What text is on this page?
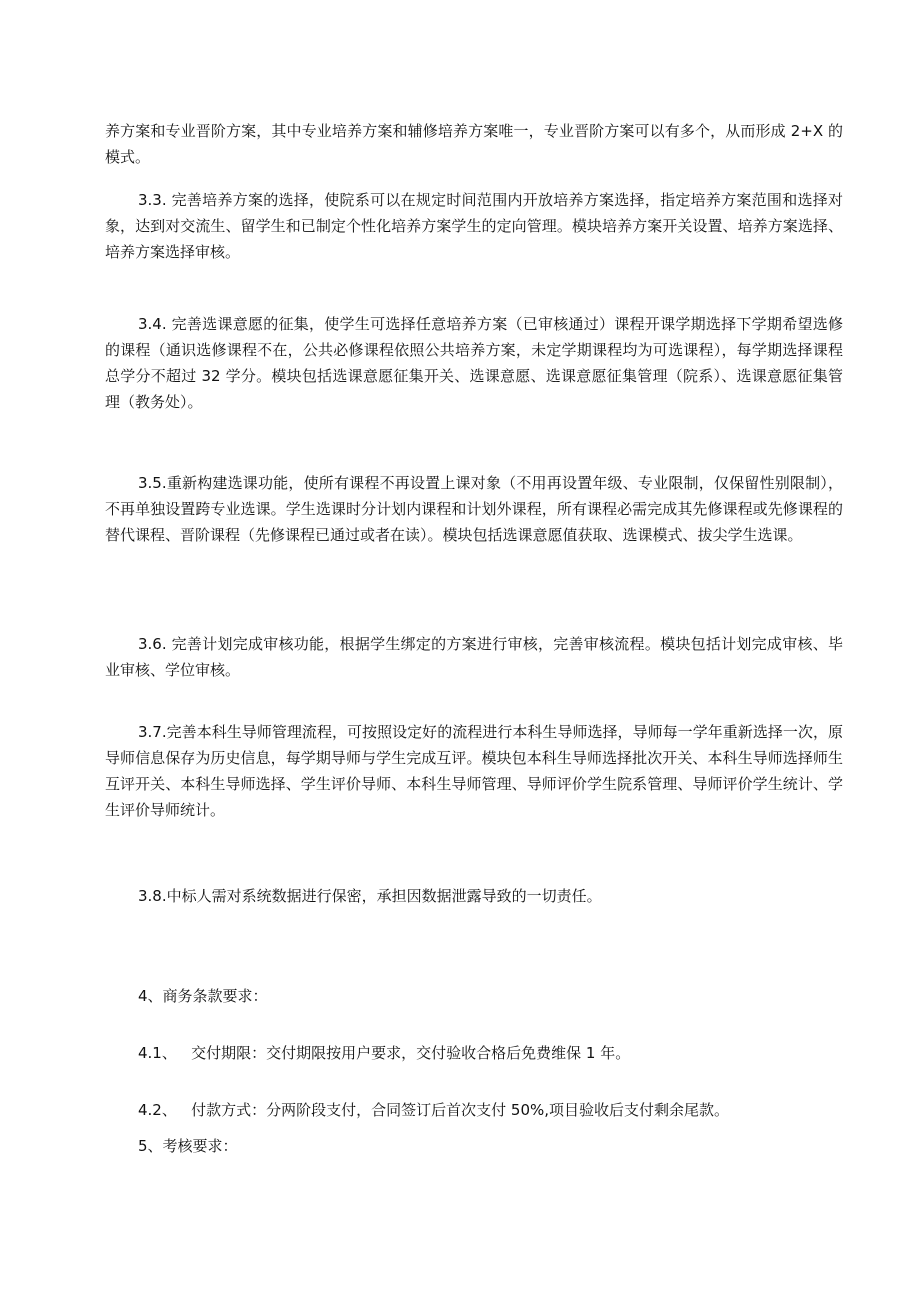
养方案和专业晋阶方案，其中专业培养方案和辅修培养方案唯一，专业晋阶方案可以有多个，从而形成 2+X 的模式。

3.3. 完善培养方案的选择，使院系可以在规定时间范围内开放培养方案选择，指定培养方案范围和选择对象，达到对交流生、留学生和已制定个性化培养方案学生的定向管理。模块培养方案开关设置、培养方案选择、培养方案选择审核。

3.4. 完善选课意愿的征集，使学生可选择任意培养方案（已审核通过）课程开课学期选择下学期希望选修的课程（通识选修课程不在，公共必修课程依照公共培养方案，未定学期课程均为可选课程），每学期选择课程总学分不超过 32 学分。模块包括选课意愿征集开关、选课意愿、选课意愿征集管理（院系）、选课意愿征集管理（教务处）。

3.5.重新构建选课功能，使所有课程不再设置上课对象（不用再设置年级、专业限制，仅保留性别限制），不再单独设置跨专业选课。学生选课时分计划内课程和计划外课程，所有课程必需完成其先修课程或先修课程的替代课程、晋阶课程（先修课程已通过或者在读）。模块包括选课意愿值获取、选课模式、拔尖学生选课。

3.6. 完善计划完成审核功能，根据学生绑定的方案进行审核，完善审核流程。模块包括计划完成审核、毕业审核、学位审核。

3.7.完善本科生导师管理流程，可按照设定好的流程进行本科生导师选择，导师每一学年重新选择一次，原导师信息保存为历史信息，每学期导师与学生完成互评。模块包本科生导师选择批次开关、本科生导师选择师生互评开关、本科生导师选择、学生评价导师、本科生导师管理、导师评价学生院系管理、导师评价学生统计、学生评价导师统计。

3.8.中标人需对系统数据进行保密，承担因数据泄露导致的一切责任。

4、商务条款要求：

4.1、   交付期限：交付期限按用户要求，交付验收合格后免费维保 1 年。

4.2、   付款方式：分两阶段支付，合同签订后首次支付 50%,项目验收后支付剩余尾款。

5、考核要求：
